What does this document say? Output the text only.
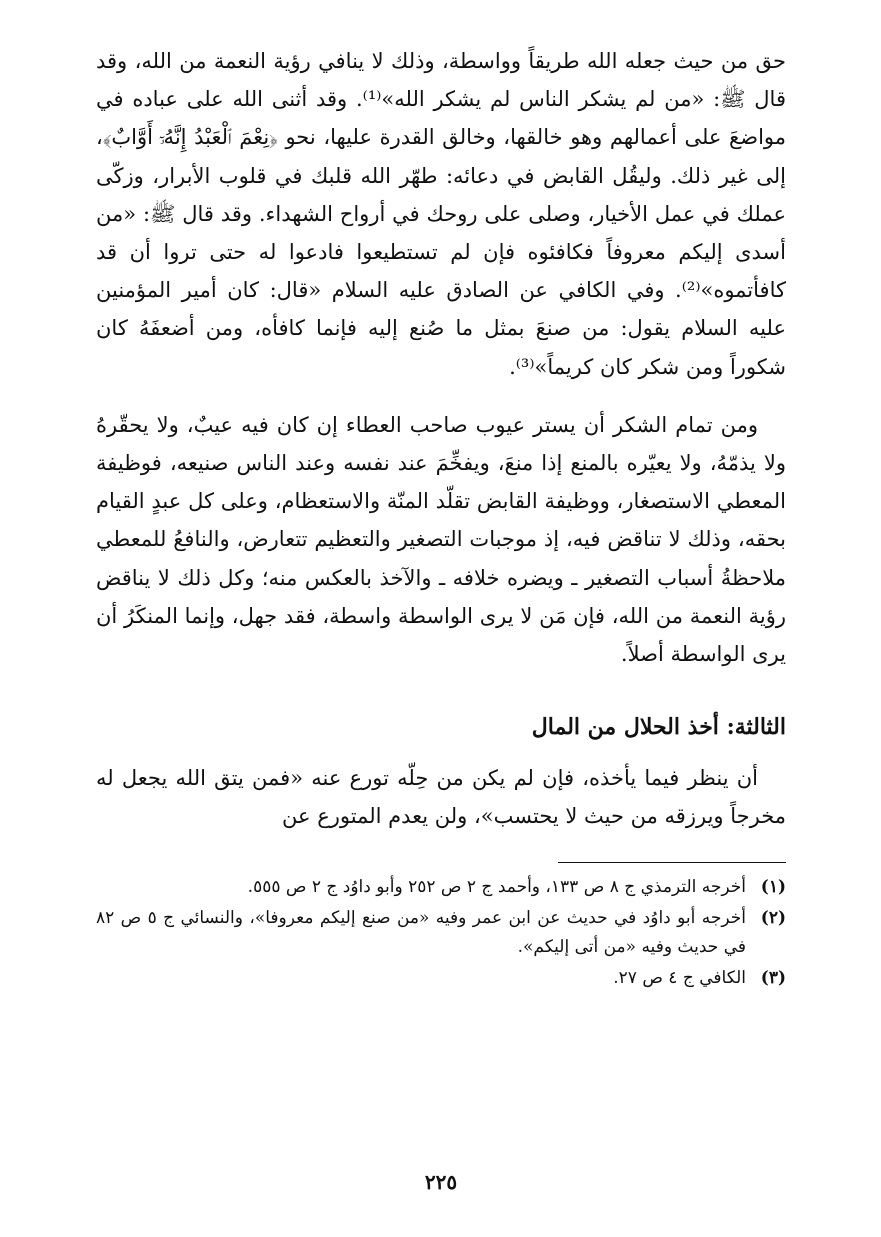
حق من حيث جعله الله طريقاً وواسطة، وذلك لا ينافي رؤية النعمة من الله، وقد قال ﷺ: «من لم يشكر الناس لم يشكر الله»⁽¹⁾. وقد أثنى الله على عباده في مواضعَ على أعمالهم وهو خالقها، وخالق القدرة عليها، نحو ﴿نِعْمَ ٱلْعَبْدُ إِنَّهُۥٓ أَوَّابٌ﴾، إلى غير ذلك. وليقُل القابض في دعائه: طهّر الله قلبك في قلوب الأبرار، وزكّى عملك في عمل الأخيار، وصلى على روحك في أرواح الشهداء. وقد قال ﷺ: «من أسدى إليكم معروفاً فكافئوه فإن لم تستطيعوا فادعوا له حتى تروا أن قد كافأتموه»⁽²⁾. وفي الكافي عن الصادق عليه السلام «قال: كان أمير المؤمنين عليه السلام يقول: من صنعَ بمثل ما صُنع إليه فإنما كافأه، ومن أضعفَهُ كان شكوراً ومن شكر كان كريماً»⁽³⁾.

ومن تمام الشكر أن يستر عيوب صاحب العطاء إن كان فيه عيبٌ، ولا يحقّرهُ ولا يذمّهُ، ولا يعيّره بالمنع إذا منعَ، ويفخِّمَ عند نفسه وعند الناس صنيعه، فوظيفة المعطي الاستصغار، ووظيفة القابض تقلّد المنّة والاستعظام، وعلى كل عبدٍ القيام بحقه، وذلك لا تناقض فيه، إذ موجبات التصغير والتعظيم تتعارض، والنافعُ للمعطي ملاحظةُ أسباب التصغير ـ ويضره خلافه ـ والآخذ بالعكس منه؛ وكل ذلك لا يناقض رؤية النعمة من الله، فإن مَن لا يرى الواسطة واسطة، فقد جهل، وإنما المنكَرُ أن يرى الواسطة أصلاً.

الثالثة: أخذ الحلال من المال

أن ينظر فيما يأخذه، فإن لم يكن من حِلّه تورع عنه «فمن يتق الله يجعل له مخرجاً ويرزقه من حيث لا يحتسب»، ولن يعدم المتورع عن

(١)
أخرجه الترمذي ج ٨ ص ١٣٣، وأحمد ج ٢ ص ٢٥٢ وأبو داوُد ج ٢ ص ٥٥٥.
(٢)
أخرجه أبو داوُد في حديث عن ابن عمر وفيه «من صنع إليكم معروفا»، والنسائي ج ٥ ص ٨٢ في حديث وفيه «من أتى إليكم».
(٣)
الكافي ج ٤ ص ٢٧.
٢٢٥
